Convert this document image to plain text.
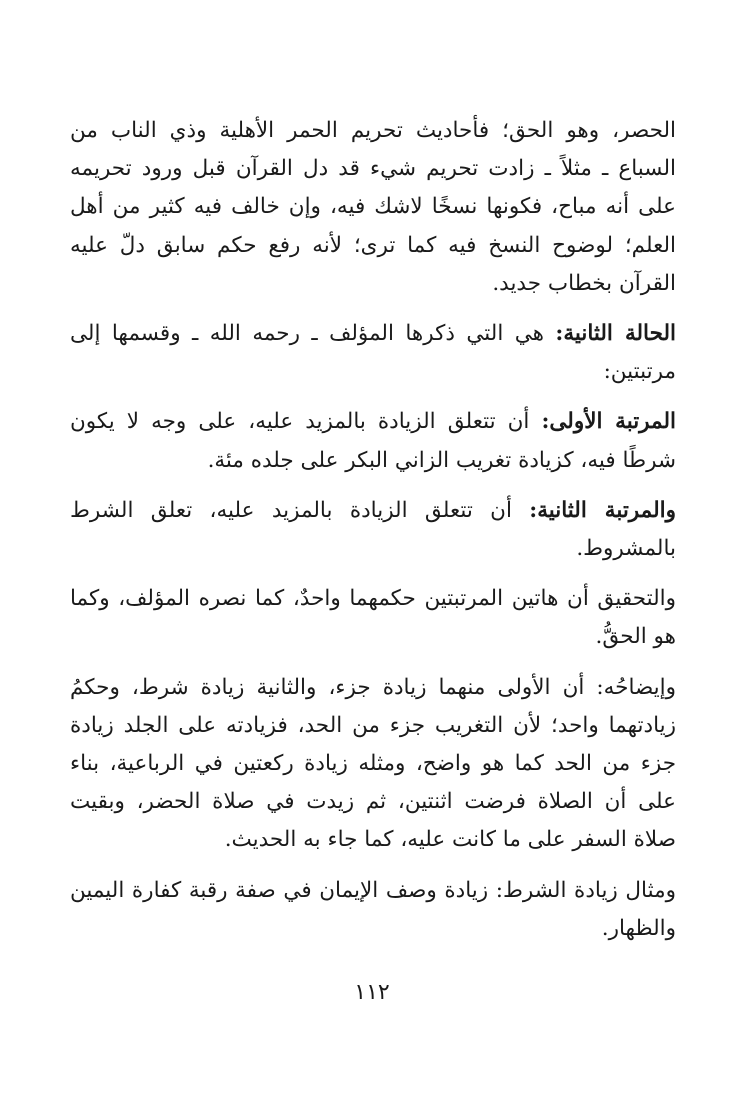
الحصر، وهو الحق؛ فأحاديث تحريم الحمر الأهلية وذي الناب من السباع ـ مثلاً ـ زادت تحريم شيء قد دل القرآن قبل ورود تحريمه على أنه مباح، فكونها نسخًا لاشك فيه، وإن خالف فيه كثير من أهل العلم؛ لوضوح النسخ فيه كما ترى؛ لأنه رفع حكم سابق دلّ عليه القرآن بخطاب جديد.

الحالة الثانية: هي التي ذكرها المؤلف ـ رحمه الله ـ وقسمها إلى مرتبتين:

المرتبة الأولى: أن تتعلق الزيادة بالمزيد عليه، على وجه لا يكون شرطًا فيه، كزيادة تغريب الزاني البكر على جلده مئة.

والمرتبة الثانية: أن تتعلق الزيادة بالمزيد عليه، تعلق الشرط بالمشروط.

والتحقيق أن هاتين المرتبتين حكمهما واحدٌ، كما نصره المؤلف، وكما هو الحقُّ.

وإيضاحُه: أن الأولى منهما زيادة جزء، والثانية زيادة شرط، وحكمُ زيادتهما واحد؛ لأن التغريب جزء من الحد، فزيادته على الجلد زيادة جزء من الحد كما هو واضح، ومثله زيادة ركعتين في الرباعية، بناء على أن الصلاة فرضت اثنتين، ثم زيدت في صلاة الحضر، وبقيت صلاة السفر على ما كانت عليه، كما جاء به الحديث.

ومثال زيادة الشرط: زيادة وصف الإيمان في صفة رقبة كفارة اليمين والظهار.

١١٢
